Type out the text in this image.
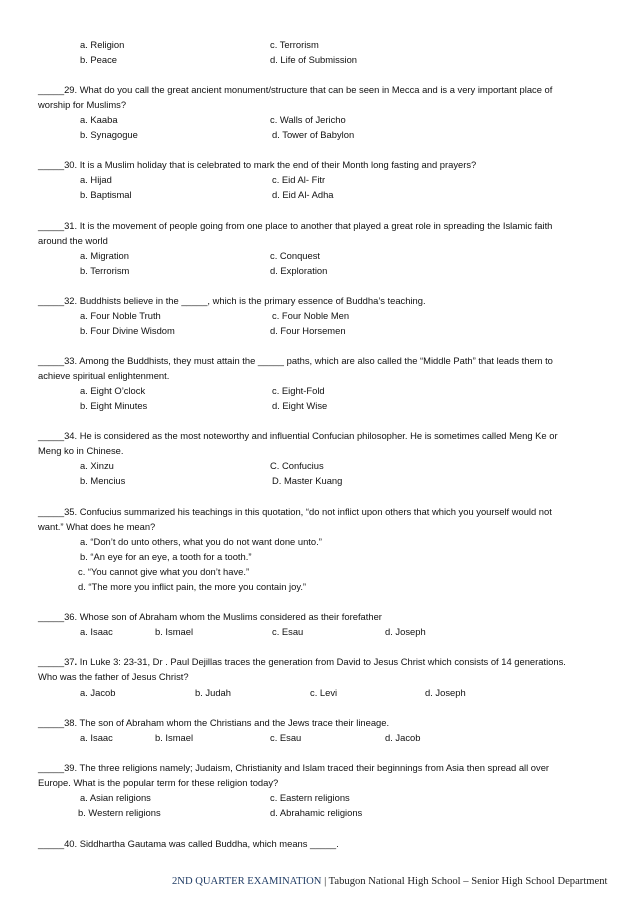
a. Religion	c. Terrorism
b. Peace	d. Life of Submission
_____29. What do you call the great ancient monument/structure that can be seen in Mecca and is a very important place of
worship for Muslims?
a. Kaaba	c. Walls of Jericho
b. Synagogue	d. Tower of Babylon
_____30. It is a Muslim holiday that is celebrated to mark the end of their Month long fasting and prayers?
a. Hijad	c. Eid Al- Fitr
b. Baptismal	d. Eid Al- Adha
_____31. It is the movement of people going from one place to another that played a great role in spreading the Islamic faith
around the world
a. Migration	c. Conquest
b. Terrorism	d. Exploration
_____32. Buddhists believe in the _____, which is the primary essence of Buddha’s teaching.
a. Four Noble Truth	c. Four Noble Men
b. Four Divine Wisdom	d. Four Horsemen
_____33. Among the Buddhists, they must attain the _____ paths, which are also called the “Middle Path” that leads them to
achieve spiritual enlightenment.
a. Eight O’clock	c. Eight-Fold
b. Eight Minutes	d. Eight Wise
_____34. He is considered as the most noteworthy and influential Confucian philosopher. He is sometimes called Meng Ke or
Meng ko in Chinese.
a. Xinzu	C. Confucius
b. Mencius	D. Master Kuang
_____35. Confucius summarized his teachings in this quotation, “do not inflict upon others that which you yourself would not
want.” What does he mean?
a. “Don’t do unto others, what you do not want done unto.”
b. “An eye for an eye, a tooth for a tooth.”
c. “You cannot give what you don’t have.”
d. “The more you inflict pain, the more you contain joy.”
_____36. Whose son of Abraham whom the Muslims considered as their forefather
a. Isaac	b. Ismael	c. Esau	d. Joseph
_____37. In Luke 3: 23-31, Dr . Paul Dejillas traces the generation from David to Jesus Christ which consists of 14 generations.
Who was the father of Jesus Christ?
a. Jacob	b. Judah	c. Levi	d. Joseph
_____38. The son of Abraham whom the Christians and the Jews trace their lineage.
a. Isaac	b. Ismael	c. Esau	d. Jacob
_____39. The three religions namely; Judaism, Christianity and Islam traced their beginnings from Asia then spread all over
Europe. What is the popular term for these religion today?
a. Asian religions	c. Eastern religions
b. Western religions	d. Abrahamic religions
_____40. Siddhartha Gautama was called Buddha, which means _____.
2ND QUARTER EXAMINATION | Tabugon National High School – Senior High School Department
